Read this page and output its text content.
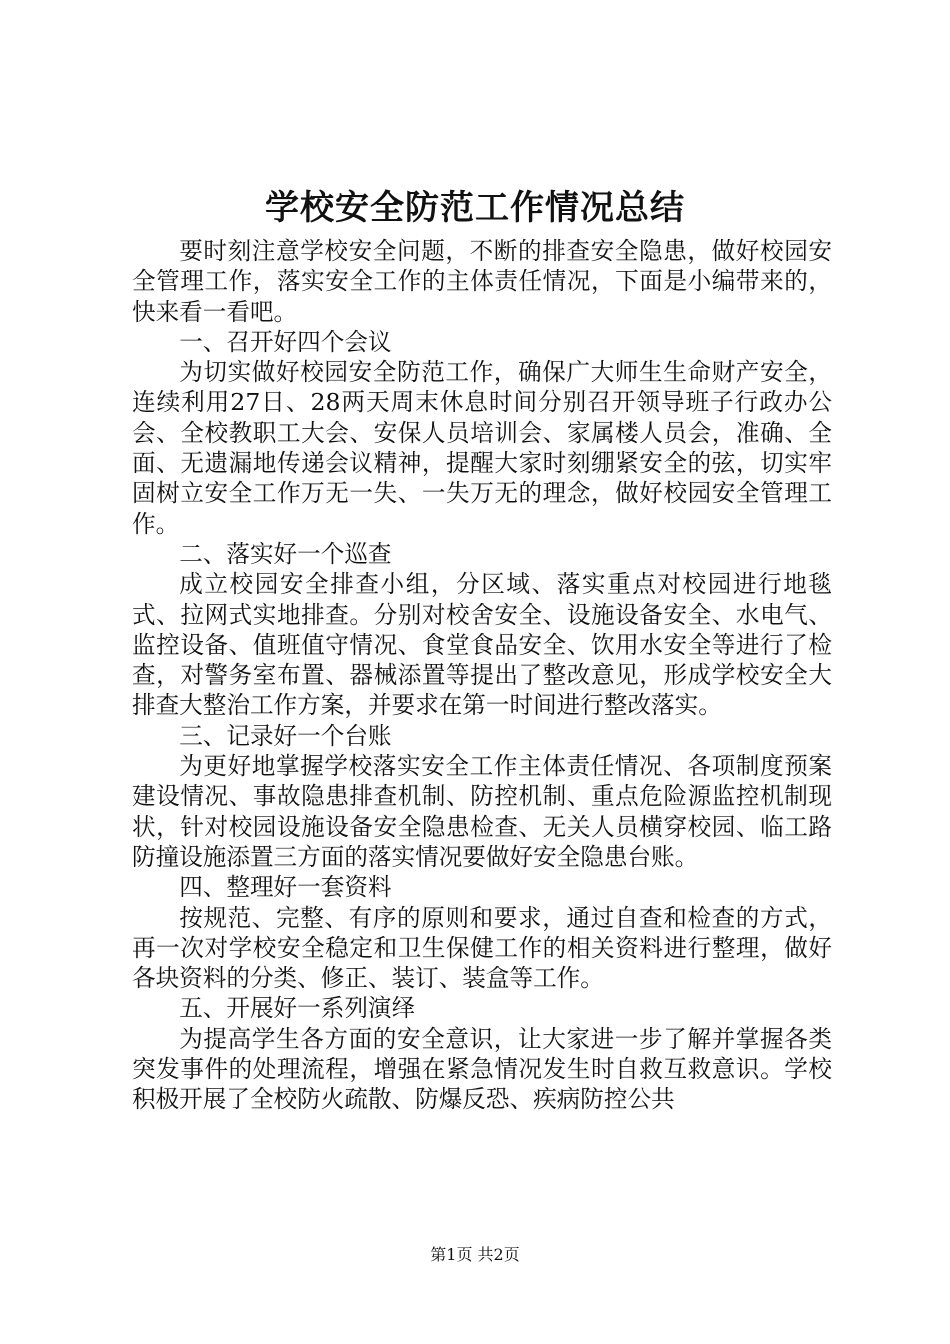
学校安全防范工作情况总结

要时刻注意学校安全问题，不断的排查安全隐患，做好校园安全管理工作，落实安全工作的主体责任情况，下面是小编带来的，快来看一看吧。

一、召开好四个会议

为切实做好校园安全防范工作，确保广大师生生命财产安全，连续利用27日、28两天周末休息时间分别召开领导班子行政办公会、全校教职工大会、安保人员培训会、家属楼人员会，准确、全面、无遗漏地传递会议精神，提醒大家时刻绷紧安全的弦，切实牢固树立安全工作万无一失、一失万无的理念，做好校园安全管理工作。

二、落实好一个巡查

成立校园安全排查小组，分区域、落实重点对校园进行地毯式、拉网式实地排查。分别对校舍安全、设施设备安全、水电气、监控设备、值班值守情况、食堂食品安全、饮用水安全等进行了检查，对警务室布置、器械添置等提出了整改意见，形成学校安全大排查大整治工作方案，并要求在第一时间进行整改落实。

三、记录好一个台账

为更好地掌握学校落实安全工作主体责任情况、各项制度预案建设情况、事故隐患排查机制、防控机制、重点危险源监控机制现状，针对校园设施设备安全隐患检查、无关人员横穿校园、临工路防撞设施添置三方面的落实情况要做好安全隐患台账。

四、整理好一套资料

按规范、完整、有序的原则和要求，通过自查和检查的方式，再一次对学校安全稳定和卫生保健工作的相关资料进行整理，做好各块资料的分类、修正、装订、装盒等工作。

五、开展好一系列演绎

为提高学生各方面的安全意识，让大家进一步了解并掌握各类突发事件的处理流程，增强在紧急情况发生时自救互救意识。学校积极开展了全校防火疏散、防爆反恐、疾病防控公共

第1页 共2页
